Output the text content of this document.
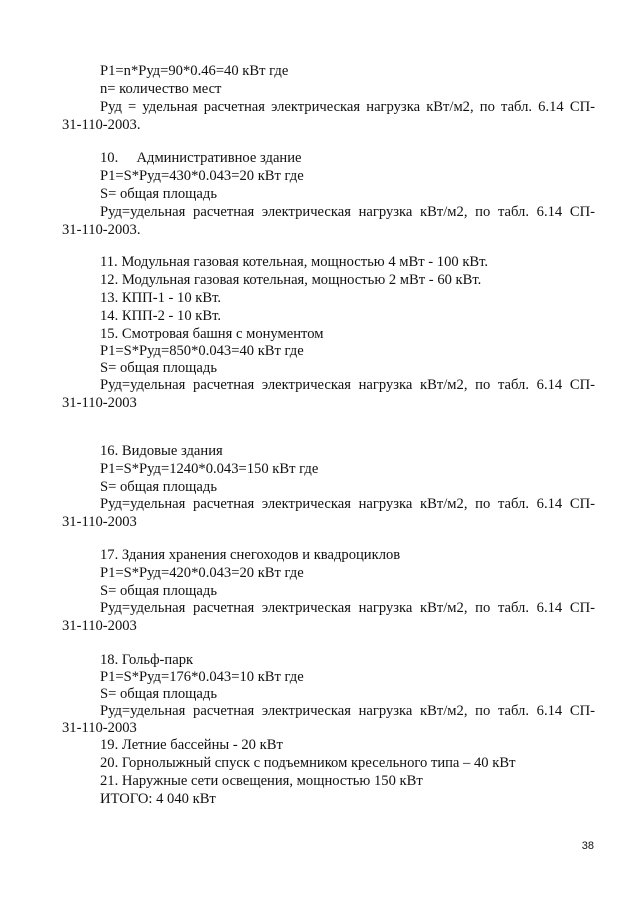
P1=n*Руд=90*0.46=40 кВт где

n= количество мест

Руд = удельная расчетная электрическая нагрузка кВт/м2, по табл. 6.14 СП-

31-110-2003.

10.     Административное здание

P1=S*Руд=430*0.043=20 кВт где

S= общая площадь

Руд=удельная расчетная электрическая нагрузка кВт/м2, по табл. 6.14 СП-

31-110-2003.

11. Модульная газовая котельная, мощностью 4 мВт - 100 кВт.

12. Модульная газовая котельная, мощностью 2 мВт - 60 кВт.

13. КПП-1 - 10 кВт.

14. КПП-2 - 10 кВт.

15. Смотровая башня с монументом

P1=S*Руд=850*0.043=40 кВт где

S= общая площадь

Руд=удельная расчетная электрическая нагрузка кВт/м2, по табл. 6.14 СП-

31-110-2003

16. Видовые здания

P1=S*Руд=1240*0.043=150 кВт где

S= общая площадь

Руд=удельная расчетная электрическая нагрузка кВт/м2, по табл. 6.14 СП-

31-110-2003

17. Здания хранения снегоходов и квадроциклов

P1=S*Руд=420*0.043=20 кВт где

S= общая площадь

Руд=удельная расчетная электрическая нагрузка кВт/м2, по табл. 6.14 СП-

31-110-2003

18. Гольф-парк

P1=S*Руд=176*0.043=10 кВт где

S= общая площадь

Руд=удельная расчетная электрическая нагрузка кВт/м2, по табл. 6.14 СП-

31-110-2003

19. Летние бассейны - 20 кВт

20. Горнолыжный спуск с подъемником кресельного типа – 40 кВт

21. Наружные сети освещения, мощностью 150 кВт

ИТОГО: 4 040 кВт

38
